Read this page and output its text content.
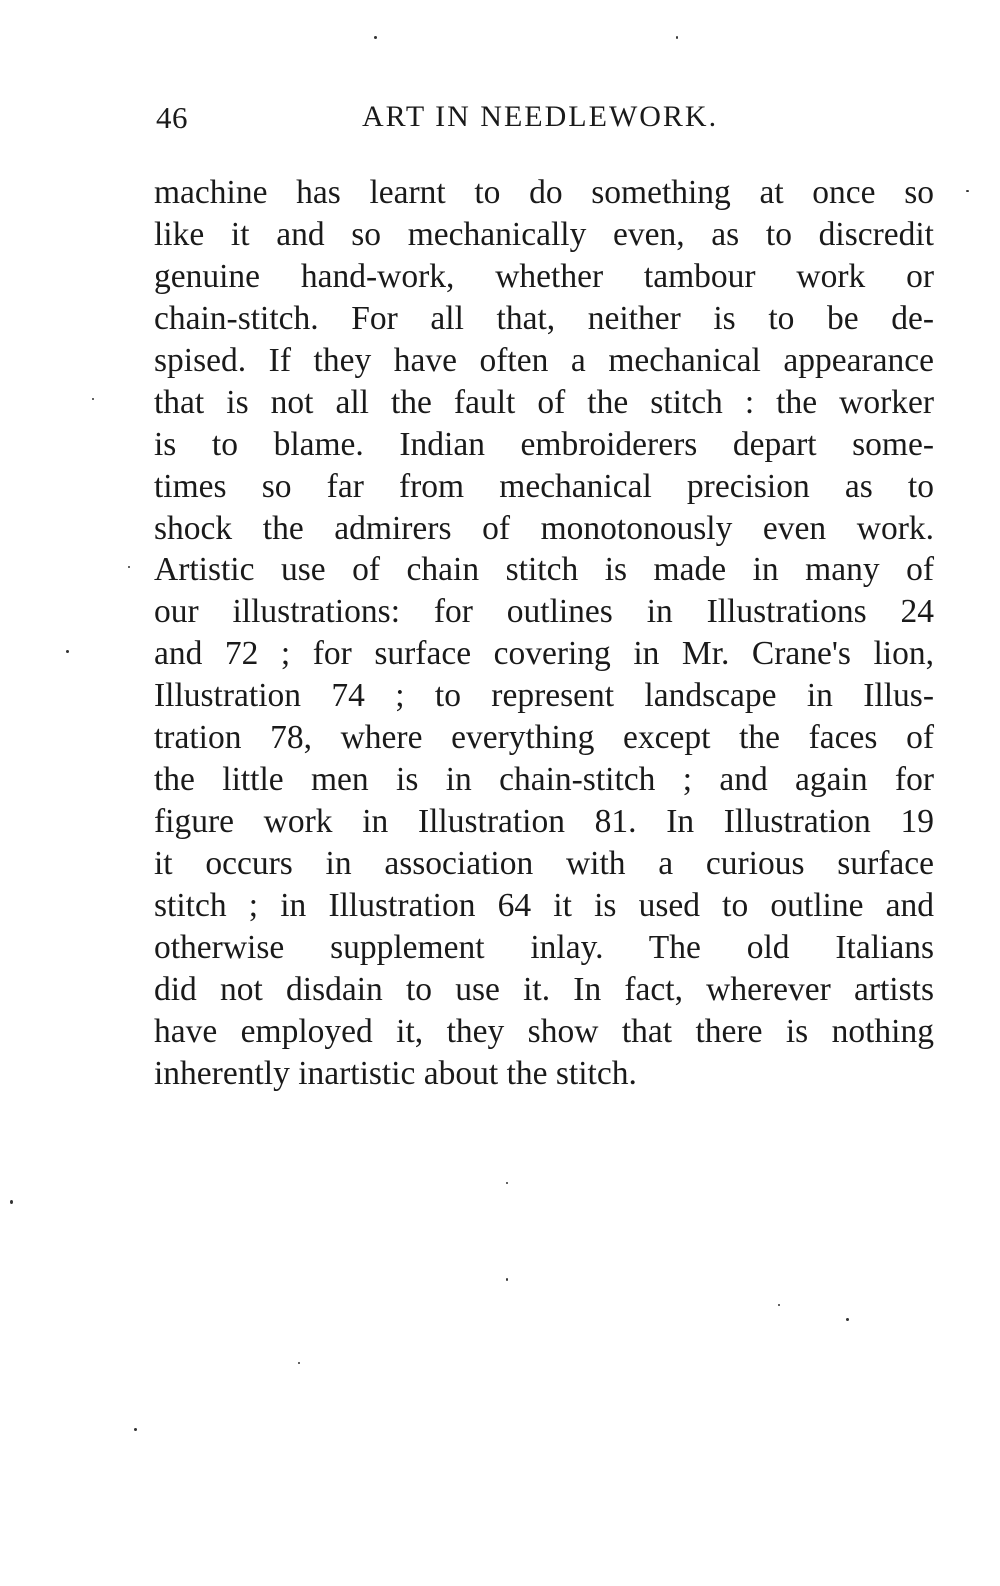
46	ART IN NEEDLEWORK.
machine has learnt to do something at once so
like it and so mechanically even, as to discredit
genuine hand-work, whether tambour work or
chain-stitch. For all that, neither is to be de-
spised. If they have often a mechanical appearance
that is not all the fault of the stitch : the worker
is to blame. Indian embroiderers depart some-
times so far from mechanical precision as to
shock the admirers of monotonously even work.
Artistic use of chain stitch is made in many of
our illustrations: for outlines in Illustrations 24
and 72 ; for surface covering in Mr. Crane's lion,
Illustration 74 ; to represent landscape in Illus-
tration 78, where everything except the faces of
the little men is in chain-stitch ; and again for
figure work in Illustration 81. In Illustration 19
it occurs in association with a curious surface
stitch ; in Illustration 64 it is used to outline and
otherwise supplement inlay. The old Italians
did not disdain to use it. In fact, wherever artists
have employed it, they show that there is nothing
inherently inartistic about the stitch.
